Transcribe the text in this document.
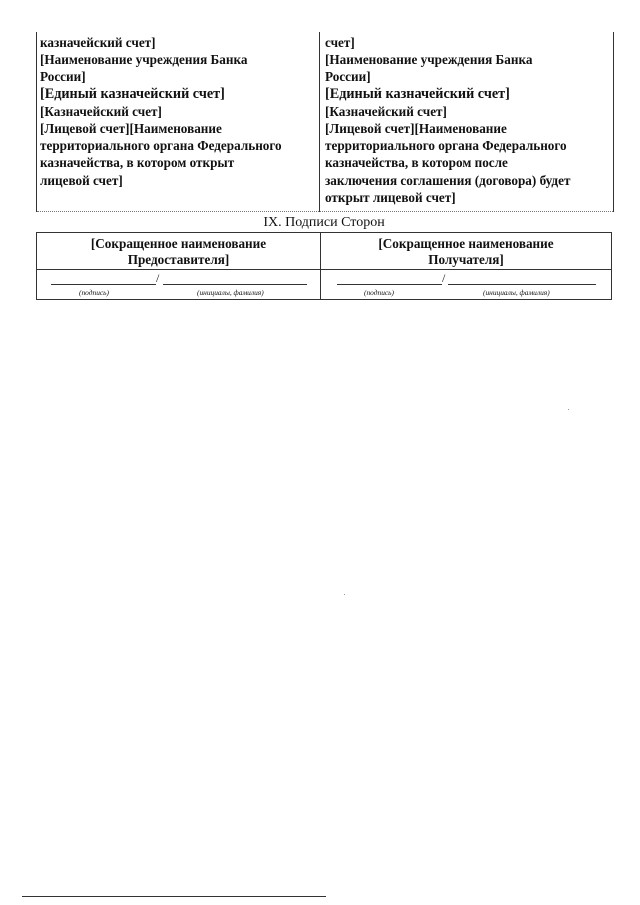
казначейский счет]
[Наименование учреждения Банка
России]
[Единый казначейский счет]
[Казначейский счет]
[Лицевой счет][Наименование
территориального органа Федерального
казначейства, в котором открыт
лицевой счет]
счет]
[Наименование учреждения Банка
России]
[Единый казначейский счет]
[Казначейский счет]
[Лицевой счет][Наименование
территориального органа Федерального
казначейства, в котором после
заключения соглашения (договора) будет
открыт лицевой счет]
IX. Подписи Сторон
[Сокращенное наименование
Предоставителя]
[Сокращенное наименование
Получателя]
/
(подпись)	(инициалы, фамилия)
/
(подпись)	(инициалы, фамилия)
